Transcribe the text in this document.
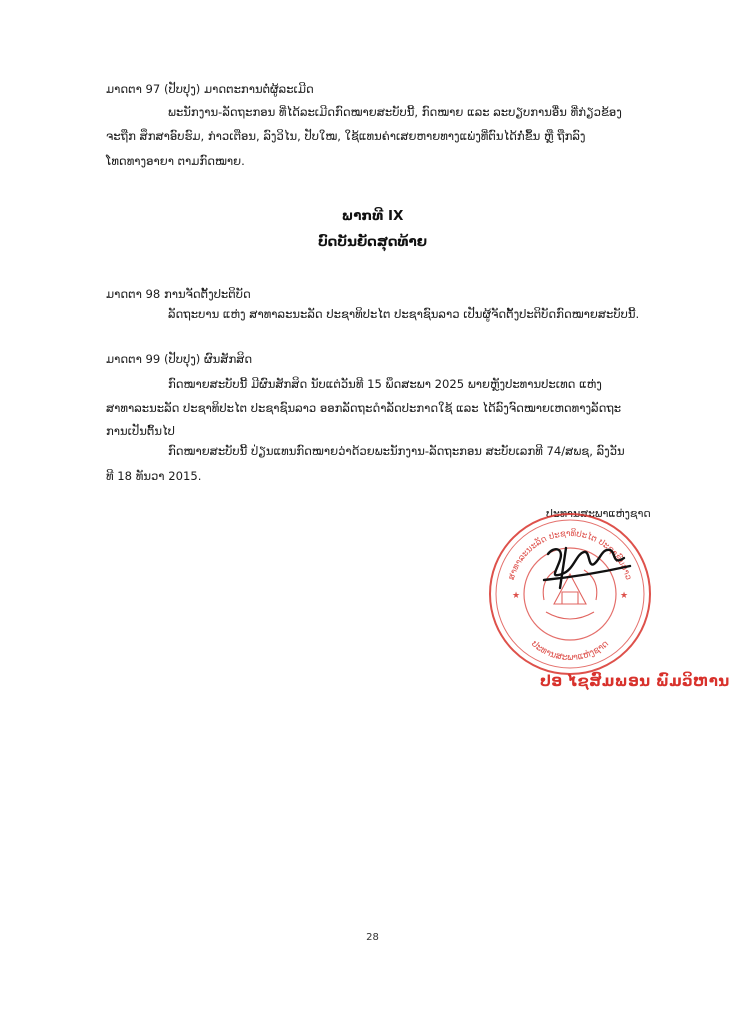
ມາດຕາ 97 (ປັບປຸງ) ມາດຕະການຕໍ່ຜູ້ລະເມີດ
ພະນັກງານ-ລັດຖະກອນ ທີ່ໄດ້ລະເມີດກົດໝາຍສະບັບນີ້, ກົດໝາຍ ແລະ ລະບຽບການອື່ນ ທີ່ກ່ຽວຂ້ອງ
ຈະຖືກ ສຶກສາອົບຮົມ, ກ່າວເຕືອນ, ລົງວິໄນ, ປັບໃໝ, ໃຊ້ແທນຄ່າເສຍຫາຍທາງແພ່ງທີ່ຕົນໄດ້ກໍ່ຂຶ້ນ ຫຼື ຖືກລົງ
ໂທດທາງອາຍາ ຕາມກົດໝາຍ.
ພາກທີ IX
ບົດບັນຍັດສຸດທ້າຍ
ມາດຕາ 98 ການຈັດຕັ້ງປະຕິບັດ
ລັດຖະບານ ແຫ່ງ ສາທາລະນະລັດ ປະຊາທິປະໄຕ ປະຊາຊົນລາວ ເປັນຜູ້ຈັດຕັ້ງປະຕິບັດກົດໝາຍສະບັບນີ້.
ມາດຕາ 99 (ປັບປຸງ) ຜົນສັກສິດ
ກົດໝາຍສະບັບນີ້ ມີຜົນສັກສິດ ນັບແຕ່ວັນທີ 15 ພຶດສະພາ 2025 ພາຍຫຼັງປະທານປະເທດ ແຫ່ງ
ສາທາລະນະລັດ ປະຊາທິປະໄຕ ປະຊາຊົນລາວ ອອກລັດຖະດຳລັດປະກາດໃຊ້ ແລະ ໄດ້ລົງຈົດໝາຍເຫດທາງລັດຖະ
ການເປັນຕົ້ນໄປ
ກົດໝາຍສະບັບນີ້ ປ່ຽນແທນກົດໝາຍວ່າດ້ວຍພະນັກງານ-ລັດຖະກອນ ສະບັບເລກທີ 74/ສພຊ, ລົງວັນ
ທີ 18 ທັນວາ 2015.
ປະທານສະພາແຫ່ງຊາດ
ສາທາລະນະລັດ ປະຊາທິປະໄຕ ປະຊາຊົນລາວ
ປະທານສະພາແຫ່ງຊາດ
★	★
ປອ ໄຊສົມພອນ ພົມວິຫານ
28
